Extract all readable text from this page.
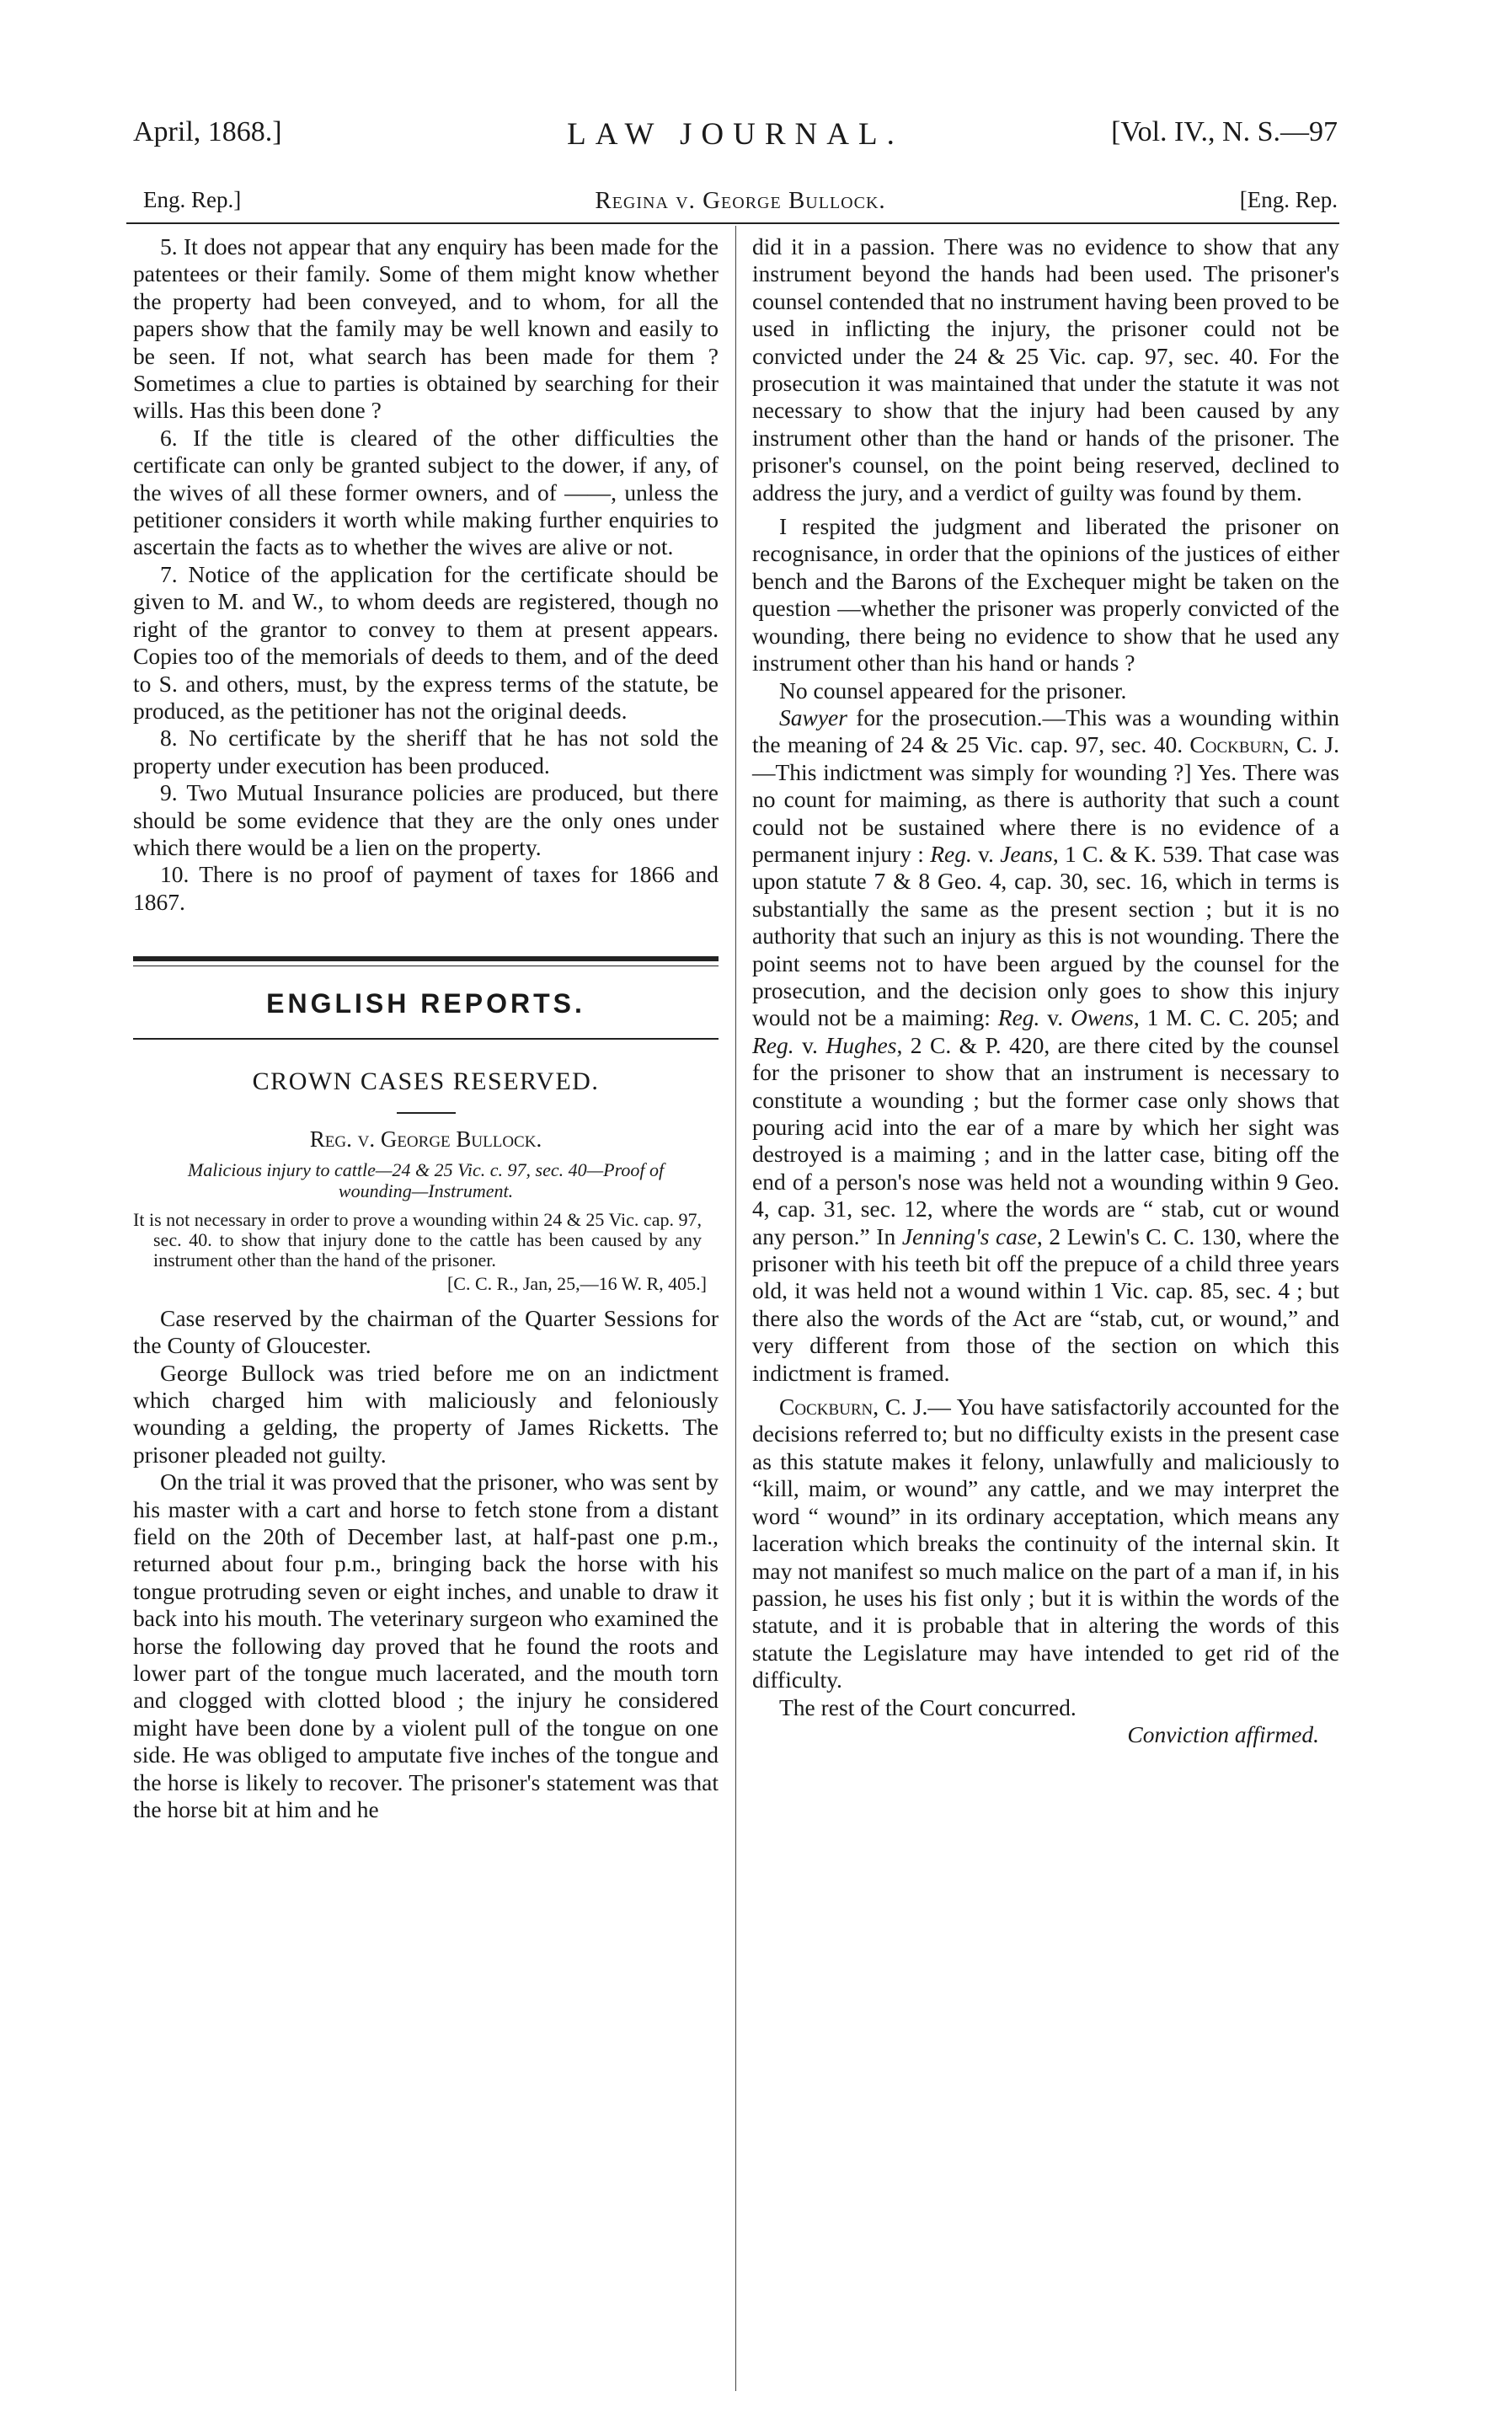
April, 1868.]	LAW JOURNAL.	[Vol. IV., N. S.—97
Eng. Rep.]	Regina v. George Bullock.	[Eng. Rep.

5. It does not appear that any enquiry has been made for the patentees or their family. Some of them might know whether the property had been conveyed, and to whom, for all the papers show that the family may be well known and easily to be seen. If not, what search has been made for them ? Sometimes a clue to parties is obtained by searching for their wills. Has this been done ?

6. If the title is cleared of the other difficulties the certificate can only be granted subject to the dower, if any, of the wives of all these former owners, and of ——, unless the petitioner considers it worth while making further enquiries to ascertain the facts as to whether the wives are alive or not.

7. Notice of the application for the certificate should be given to M. and W., to whom deeds are registered, though no right of the grantor to convey to them at present appears. Copies too of the memorials of deeds to them, and of the deed to S. and others, must, by the express terms of the statute, be produced, as the petitioner has not the original deeds.

8. No certificate by the sheriff that he has not sold the property under execution has been produced.

9. Two Mutual Insurance policies are produced, but there should be some evidence that they are the only ones under which there would be a lien on the property.

10. There is no proof of payment of taxes for 1866 and 1867.

ENGLISH REPORTS.
CROWN CASES RESERVED.
Reg. v. George Bullock.
Malicious injury to cattle—24 & 25 Vic. c. 97, sec. 40—Proof of wounding—Instrument.
It is not necessary in order to prove a wounding within 24 & 25 Vic. cap. 97, sec. 40. to show that injury done to the cattle has been caused by any instrument other than the hand of the prisoner.
[C. C. R., Jan, 25,—16 W. R, 405.]

Case reserved by the chairman of the Quarter Sessions for the County of Gloucester.

George Bullock was tried before me on an indictment which charged him with maliciously and feloniously wounding a gelding, the property of James Ricketts. The prisoner pleaded not guilty.

On the trial it was proved that the prisoner, who was sent by his master with a cart and horse to fetch stone from a distant field on the 20th of December last, at half-past one p.m., returned about four p.m., bringing back the horse with his tongue protruding seven or eight inches, and unable to draw it back into his mouth. The veterinary surgeon who examined the horse the following day proved that he found the roots and lower part of the tongue much lacerated, and the mouth torn and clogged with clotted blood ; the injury he considered might have been done by a violent pull of the tongue on one side. He was obliged to amputate five inches of the tongue and the horse is likely to recover. The prisoner's statement was that the horse bit at him and he

did it in a passion. There was no evidence to show that any instrument beyond the hands had been used. The prisoner's counsel contended that no instrument having been proved to be used in inflicting the injury, the prisoner could not be convicted under the 24 & 25 Vic. cap. 97, sec. 40. For the prosecution it was maintained that under the statute it was not necessary to show that the injury had been caused by any instrument other than the hand or hands of the prisoner. The prisoner's counsel, on the point being reserved, declined to address the jury, and a verdict of guilty was found by them.

I respited the judgment and liberated the prisoner on recognisance, in order that the opinions of the justices of either bench and the Barons of the Exchequer might be taken on the question —whether the prisoner was properly convicted of the wounding, there being no evidence to show that he used any instrument other than his hand or hands ?

No counsel appeared for the prisoner.

Sawyer for the prosecution.—This was a wounding within the meaning of 24 & 25 Vic. cap. 97, sec. 40. Cockburn, C. J.—This indictment was simply for wounding ?] Yes. There was no count for maiming, as there is authority that such a count could not be sustained where there is no evidence of a permanent injury : Reg. v. Jeans, 1 C. & K. 539. That case was upon statute 7 & 8 Geo. 4, cap. 30, sec. 16, which in terms is substantially the same as the present section ; but it is no authority that such an injury as this is not wounding. There the point seems not to have been argued by the counsel for the prosecution, and the decision only goes to show this injury would not be a maiming: Reg. v. Owens, 1 M. C. C. 205; and Reg. v. Hughes, 2 C. & P. 420, are there cited by the counsel for the prisoner to show that an instrument is necessary to constitute a wounding ; but the former case only shows that pouring acid into the ear of a mare by which her sight was destroyed is a maiming ; and in the latter case, biting off the end of a person's nose was held not a wounding within 9 Geo. 4, cap. 31, sec. 12, where the words are “ stab, cut or wound any person.” In Jenning's case, 2 Lewin's C. C. 130, where the prisoner with his teeth bit off the prepuce of a child three years old, it was held not a wound within 1 Vic. cap. 85, sec. 4 ; but there also the words of the Act are “stab, cut, or wound,” and very different from those of the section on which this indictment is framed.

Cockburn, C. J.— You have satisfactorily accounted for the decisions referred to; but no difficulty exists in the present case as this statute makes it felony, unlawfully and maliciously to “kill, maim, or wound” any cattle, and we may interpret the word “ wound” in its ordinary acceptation, which means any laceration which breaks the continuity of the internal skin. It may not manifest so much malice on the part of a man if, in his passion, he uses his fist only ; but it is within the words of the statute, and it is probable that in altering the words of this statute the Legislature may have intended to get rid of the difficulty.

The rest of the Court concurred.

Conviction affirmed.
